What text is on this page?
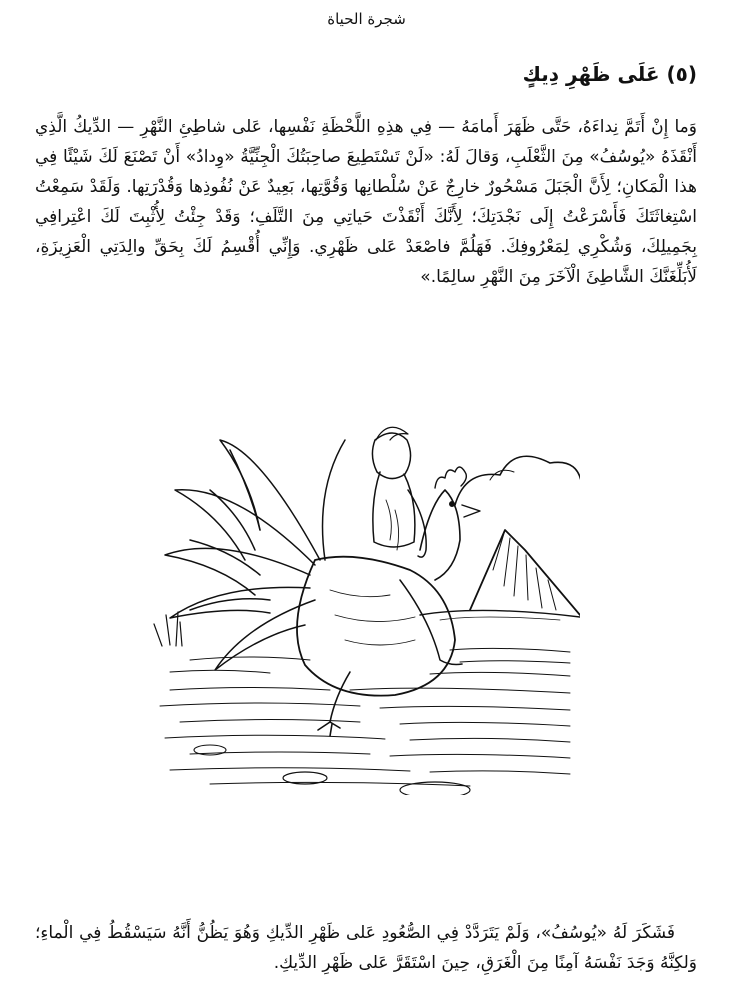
شجرة الحياة
(٥) عَلَى ظَهْرِ دِيكٍ

وَما إِنْ أَتَمَّ نِداءَهُ، حَتَّى ظَهَرَ أَمامَهُ — فِي هذِهِ اللَّحْظَةِ نَفْسِها، عَلى شاطِئِ النَّهْرِ — الدِّيكُ الَّذِي أَنْقَذَهُ «يُوسُفُ» مِنَ الثَّعْلَبِ، وَقالَ لَهُ: «لَنْ تَسْتَطِيعَ صاحِبَتُكَ الْجِنِّيَّةُ «وِدادُ» أَنْ تَصْنَعَ لَكَ شَيْئًا فِي هذا الْمَكانِ؛ لِأَنَّ الْجَبَلَ مَسْحُورٌ خارِجٌ عَنْ سُلْطانِها وَقُوَّتِها، بَعِيدٌ عَنْ نُفُوذِها وَقُدْرَتِها. وَلَقَدْ سَمِعْتُ اسْتِغاثَتَكَ فَأَسْرَعْتُ إِلَى نَجْدَتِكَ؛ لِأَنَّكَ أَنْقَذْتَ حَياتِي مِنَ التَّلَفِ؛ وَقَدْ جِئْتُ لِأُثْبِتَ لَكَ اعْتِرافِي بِجَمِيلِكَ، وَشُكْرِي لِمَعْرُوفِكَ. فَهَلُمَّ فاصْعَدْ عَلى ظَهْرِي. وَإِنِّي أُقْسِمُ لَكَ بِحَقِّ والِدَتِي الْعَزِيزَةِ، لَأُبَلِّغَنَّكَ الشَّاطِئَ الْآخَرَ مِنَ النَّهْرِ سالِمًا.»

فَشَكَرَ لَهُ «يُوسُفُ»، وَلَمْ يَتَرَدَّدْ فِي الصُّعُودِ عَلى ظَهْرِ الدِّيكِ وَهُوَ يَظُنُّ أَنَّهُ سَيَسْقُطُ فِي الْماءِ؛ وَلكِنَّهُ وَجَدَ نَفْسَهُ آمِنًا مِنَ الْغَرَقِ، حِينَ اسْتَقَرَّ عَلى ظَهْرِ الدِّيكِ.
